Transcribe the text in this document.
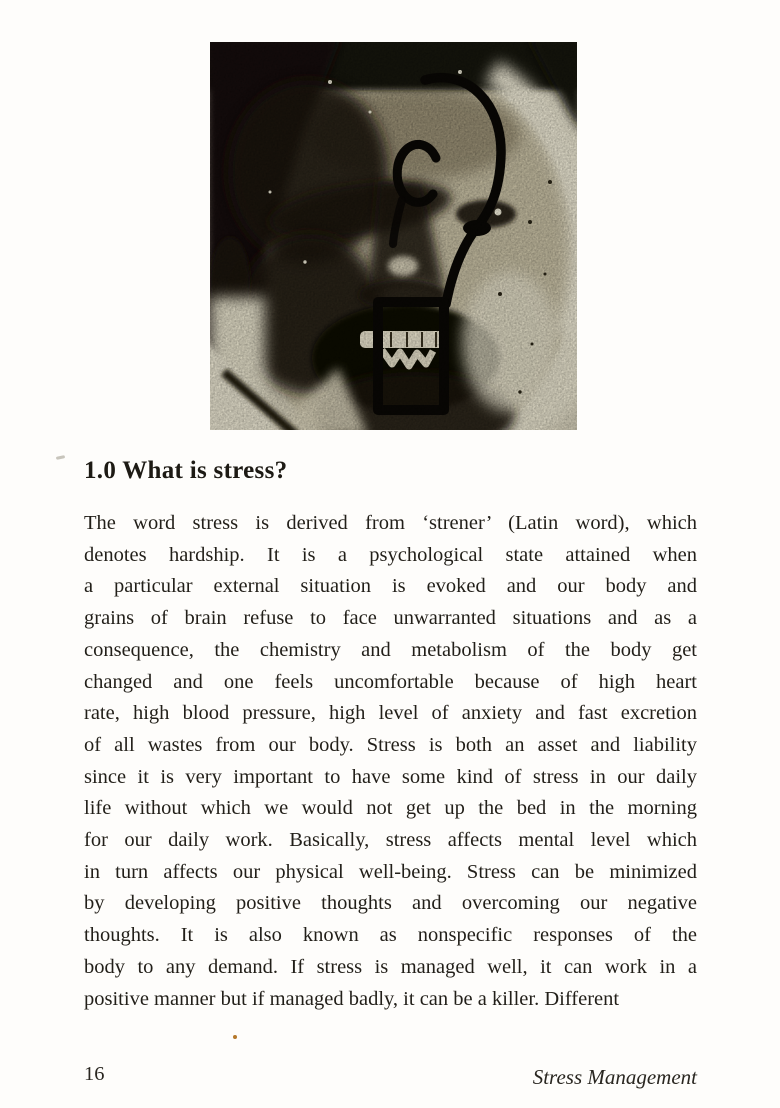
1.0 What is stress?
The word stress is derived from ‘strener’ (Latin word), which
denotes hardship. It is a psychological state attained when
a particular external situation is evoked and our body and
grains of brain refuse to face unwarranted situations and as a
consequence, the chemistry and metabolism of the body get
changed and one feels uncomfortable because of high heart
rate, high blood pressure, high level of anxiety and fast excretion
of all wastes from our body. Stress is both an asset and liability
since it is very important to have some kind of stress in our daily
life without which we would not get up the bed in the morning
for our daily work. Basically, stress affects mental level which
in turn affects our physical well-being. Stress can be minimized
by developing positive thoughts and overcoming our negative
thoughts. It is also known as nonspecific responses of the
body to any demand. If stress is managed well, it can work in a
positive manner but if managed badly, it can be a killer. Different
16	Stress Management
